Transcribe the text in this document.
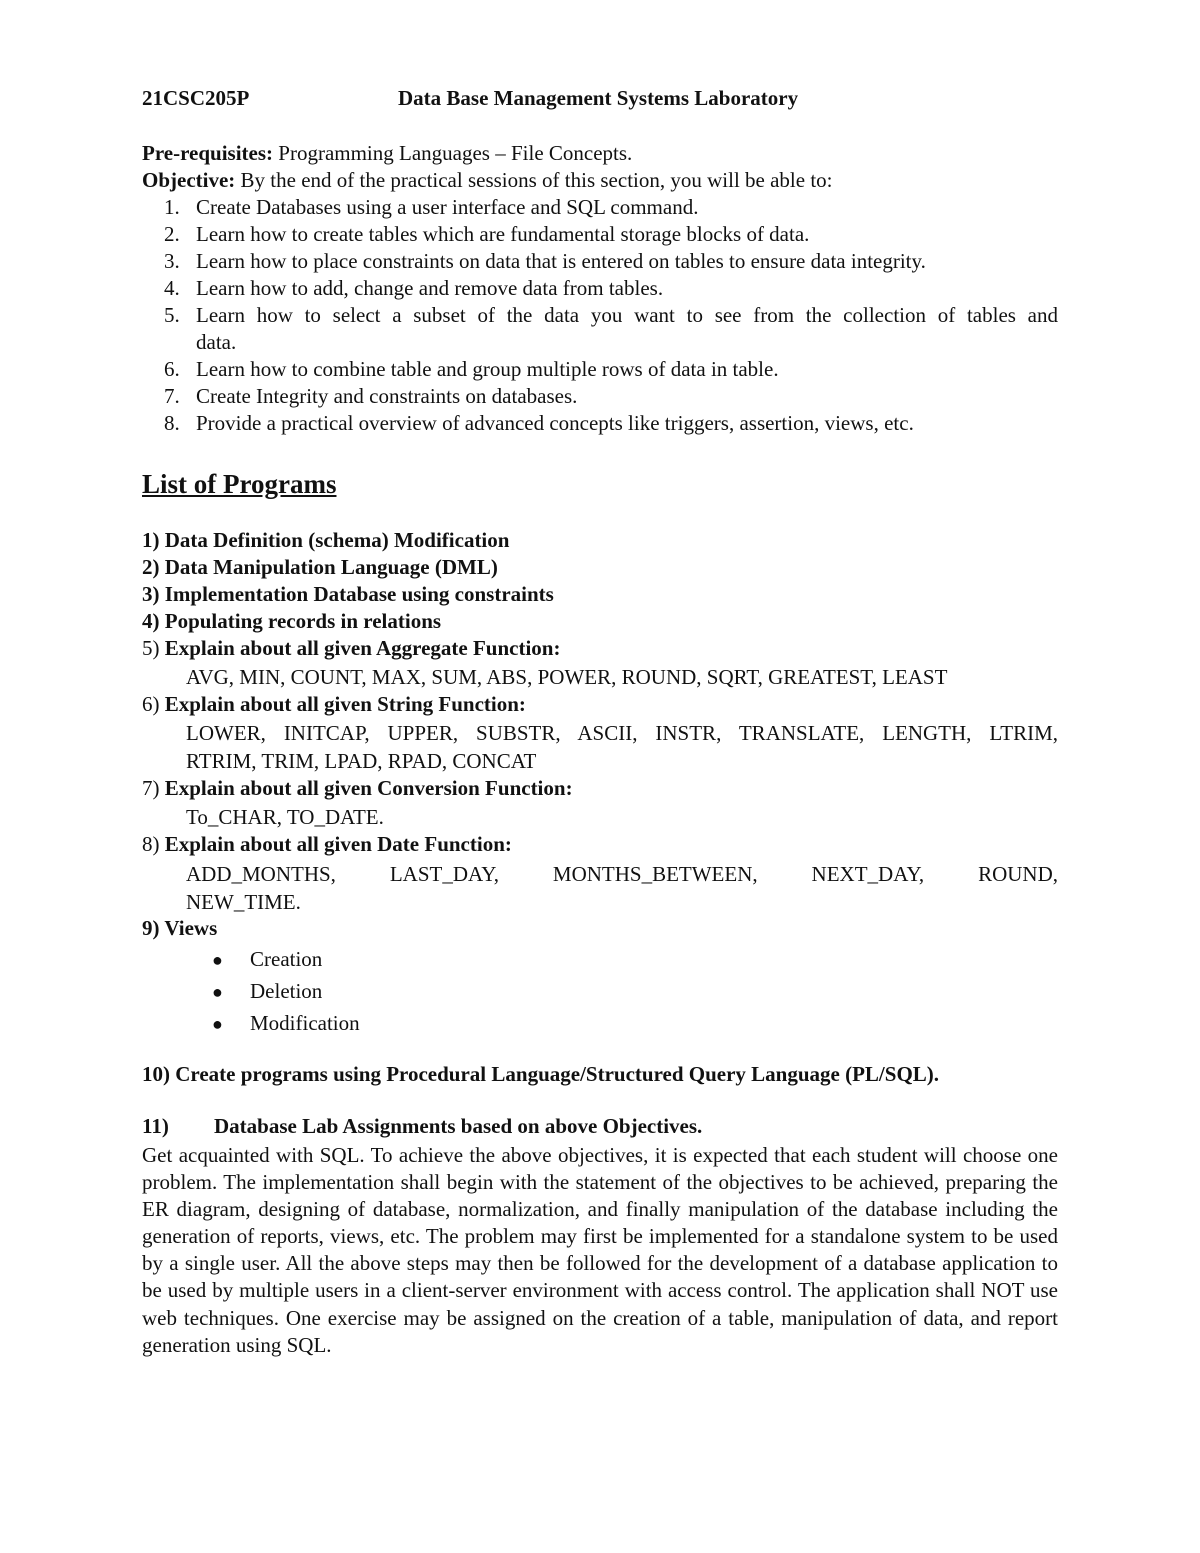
21CSC205P	Data Base Management Systems Laboratory
Pre-requisites: Programming Languages – File Concepts.
Objective: By the end of the practical sessions of this section, you will be able to:
1. Create Databases using a user interface and SQL command.
2. Learn how to create tables which are fundamental storage blocks of data.
3. Learn how to place constraints on data that is entered on tables to ensure data integrity.
4. Learn how to add, change and remove data from tables.
5. Learn how to select a subset of the data you want to see from the collection of tables and
data.
6. Learn how to combine table and group multiple rows of data in table.
7. Create Integrity and constraints on databases.
8. Provide a practical overview of advanced concepts like triggers, assertion, views, etc.
List of Programs
1) Data Definition (schema) Modification
2) Data Manipulation Language (DML)
3) Implementation Database using constraints
4) Populating records in relations
5) Explain about all given Aggregate Function:
AVG, MIN, COUNT, MAX, SUM, ABS, POWER, ROUND, SQRT, GREATEST, LEAST
6) Explain about all given String Function:
LOWER, INITCAP, UPPER, SUBSTR, ASCII, INSTR, TRANSLATE, LENGTH, LTRIM,
RTRIM, TRIM, LPAD, RPAD, CONCAT
7) Explain about all given Conversion Function:
To_CHAR, TO_DATE.
8) Explain about all given Date Function:
ADD_MONTHS, LAST_DAY, MONTHS_BETWEEN, NEXT_DAY, ROUND,
NEW_TIME.
9) Views
● Creation
● Deletion
● Modification
10) Create programs using Procedural Language/Structured Query Language (PL/SQL).
11) Database Lab Assignments based on above Objectives.
Get acquainted with SQL. To achieve the above objectives, it is expected that each student will choose one problem. The implementation shall begin with the statement of the objectives to be achieved, preparing the ER diagram, designing of database, normalization, and finally manipulation of the database including the generation of reports, views, etc. The problem may first be implemented for a standalone system to be used by a single user. All the above steps may then be followed for the development of a database application to be used by multiple users in a client-server environment with access control. The application shall NOT use web techniques. One exercise may be assigned on the creation of a table, manipulation of data, and report generation using SQL.
